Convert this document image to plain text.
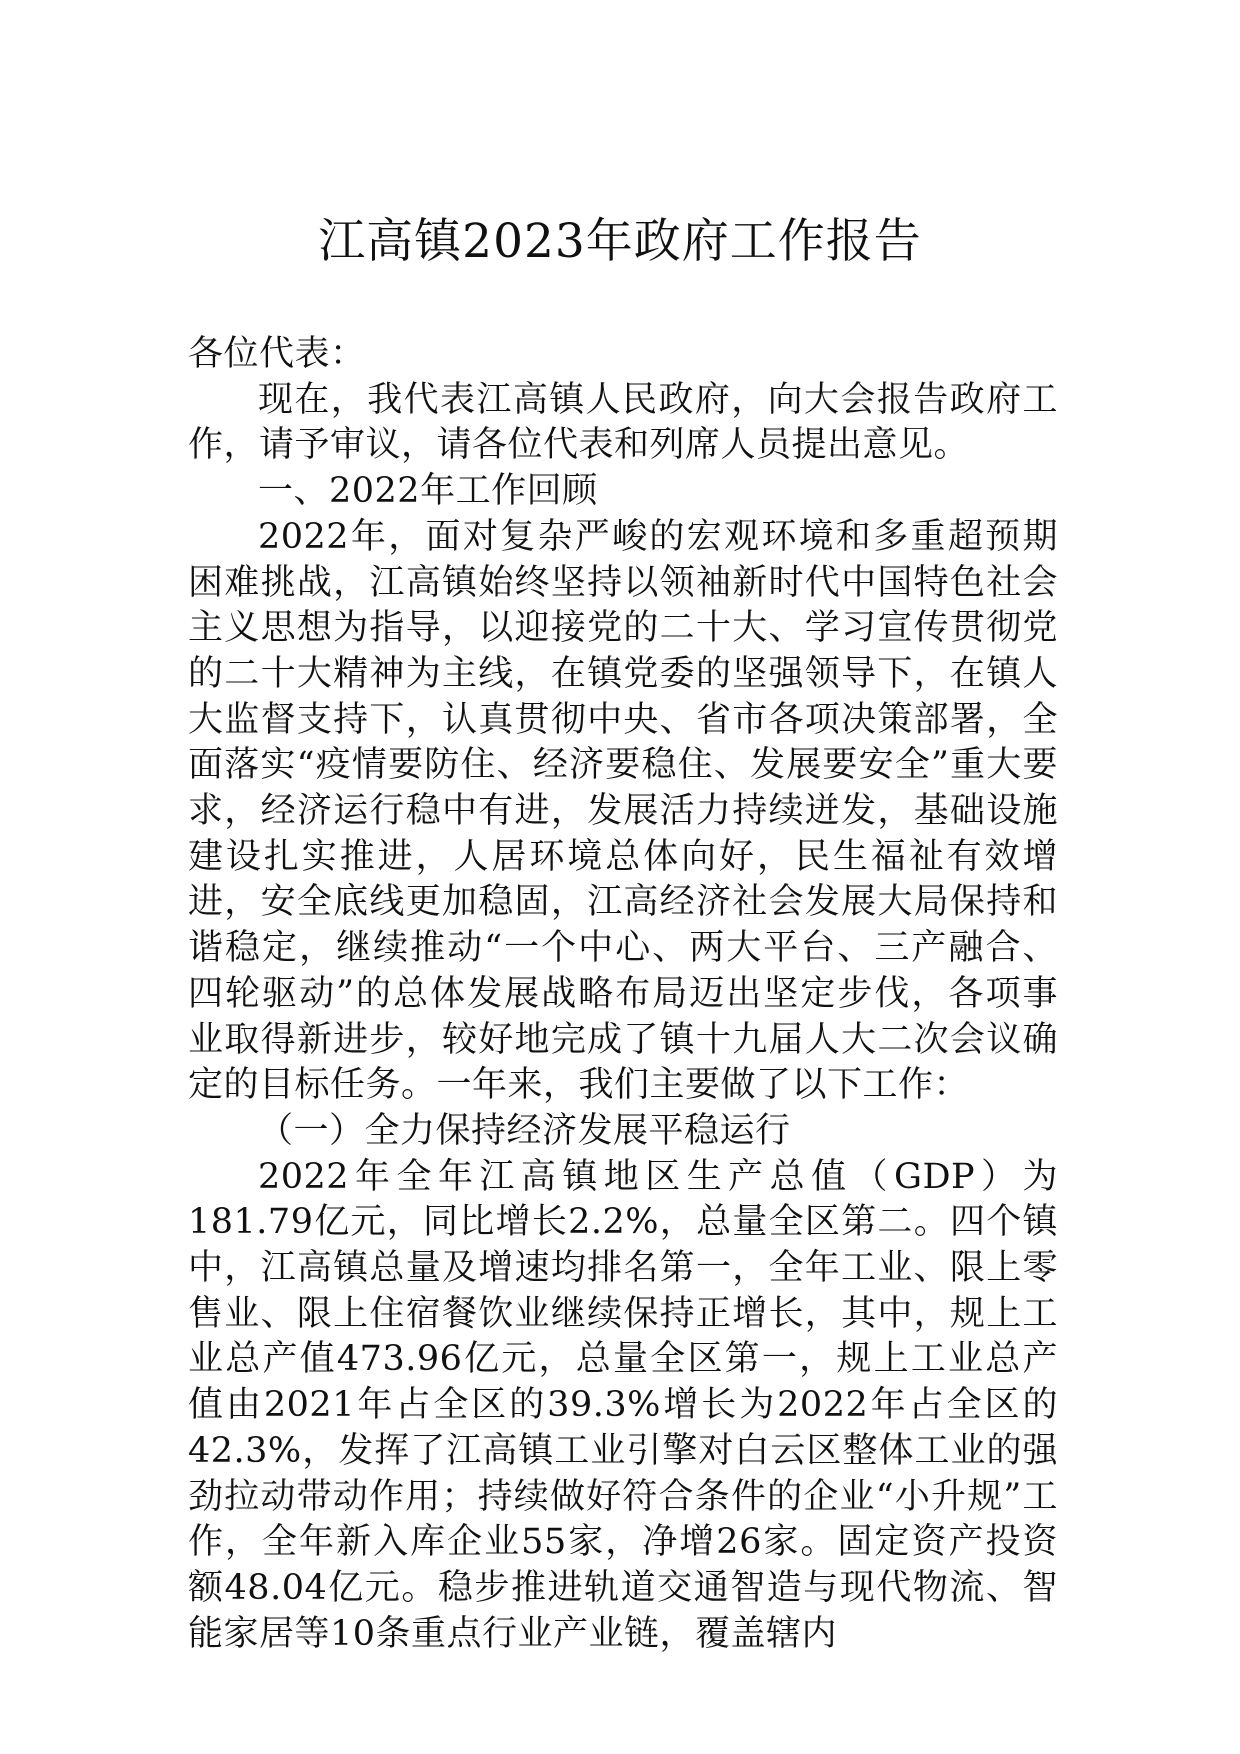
江高镇2023年政府工作报告

各位代表：

现在，我代表江高镇人民政府，向大会报告政府工作，请予审议，请各位代表和列席人员提出意见。

一、2022年工作回顾

2022年，面对复杂严峻的宏观环境和多重超预期困难挑战，江高镇始终坚持以领袖新时代中国特色社会主义思想为指导，以迎接党的二十大、学习宣传贯彻党的二十大精神为主线，在镇党委的坚强领导下，在镇人大监督支持下，认真贯彻中央、省市各项决策部署，全面落实“疫情要防住、经济要稳住、发展要安全”重大要求，经济运行稳中有进，发展活力持续迸发，基础设施建设扎实推进，人居环境总体向好，民生福祉有效增进，安全底线更加稳固，江高经济社会发展大局保持和谐稳定，继续推动“一个中心、两大平台、三产融合、四轮驱动”的总体发展战略布局迈出坚定步伐，各项事业取得新进步，较好地完成了镇十九届人大二次会议确定的目标任务。一年来，我们主要做了以下工作：

（一）全力保持经济发展平稳运行

2022年全年江高镇地区生产总值（GDP）为181.79亿元，同比增长2.2%，总量全区第二。四个镇中，江高镇总量及增速均排名第一，全年工业、限上零售业、限上住宿餐饮业继续保持正增长，其中，规上工业总产值473.96亿元，总量全区第一，规上工业总产值由2021年占全区的39.3%增长为2022年占全区的42.3%，发挥了江高镇工业引擎对白云区整体工业的强劲拉动带动作用；持续做好符合条件的企业“小升规”工作，全年新入库企业55家，净增26家。固定资产投资额48.04亿元。稳步推进轨道交通智造与现代物流、智能家居等10条重点行业产业链，覆盖辖内
